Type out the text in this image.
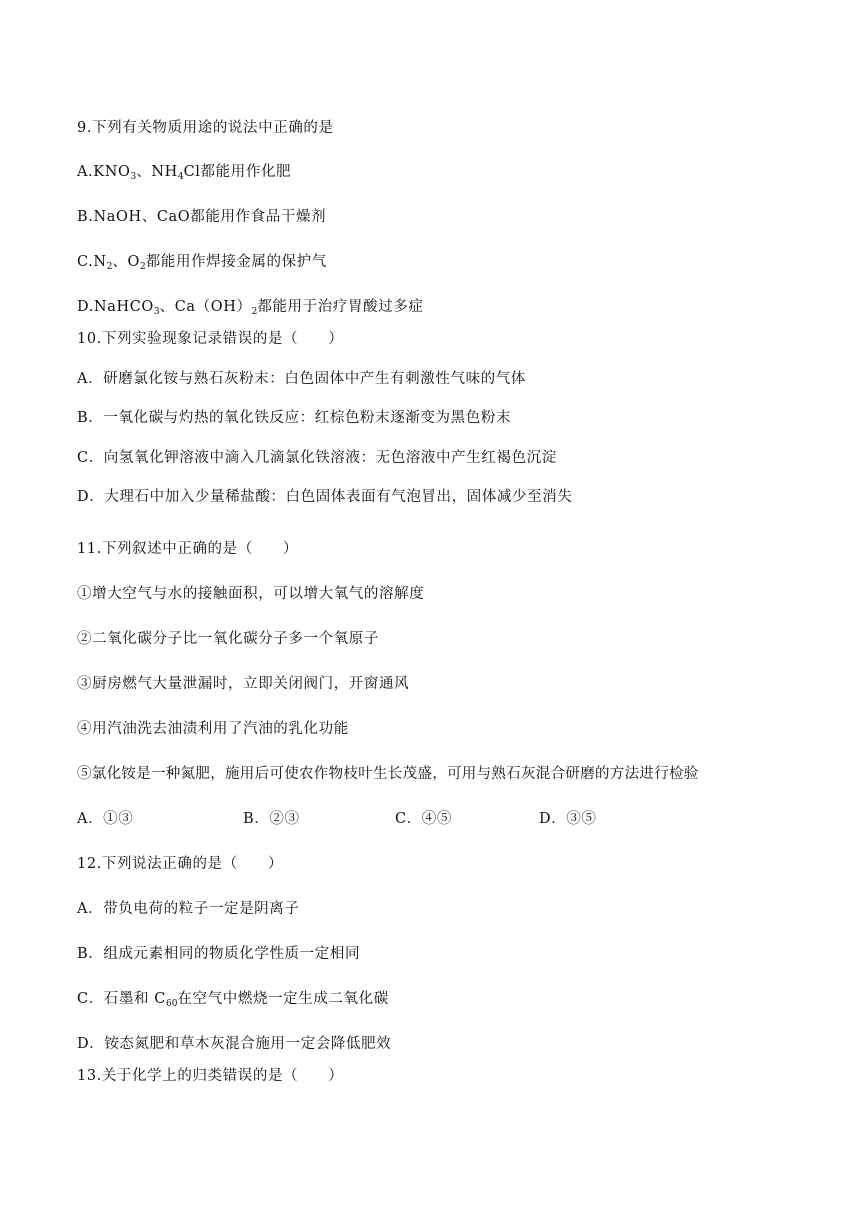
9.下列有关物质用途的说法中正确的是
$A.KNO_3$、$NH_4Cl$都能用作化肥
B.NaOH、CaO都能用作食品干燥剂
$C.N_2$、$O_2$都能用作焊接金属的保护气
D.NaHCO$_3$、$Ca(OH)_2$都能用于治疗胃酸过多症
10.下列实验现象记录错误的是（　　）
A．研磨氯化铵与熟石灰粉末：白色固体中产生有刺激性气味的气体
B．一氧化碳与灼热的氧化铁反应：红棕色粉末逐渐变为黑色粉末
C．向氢氧化钾溶液中滴入几滴氯化铁溶液：无色溶液中产生红褐色沉淀
D．大理石中加入少量稀盐酸：白色固体表面有气泡冒出，固体减少至消失
11.下列叙述中正确的是（　　）
①增大空气与水的接触面积，可以增大氧气的溶解度
②二氧化碳分子比一氧化碳分子多一个氧原子
③厨房燃气大量泄漏时，立即关闭阀门，开窗通风
④用汽油洗去油渍利用了汽油的乳化功能
⑤氯化铵是一种氮肥，施用后可使农作物枝叶生长茂盛，可用与熟石灰混合研磨的方法进行检验
A．①③	B．②③	C．④⑤	D．③⑤
12.下列说法正确的是（　　）
A．带负电荷的粒子一定是阴离子
B．组成元素相同的物质化学性质一定相同
C．石墨和 $C_{60}$在空气中燃烧一定生成二氧化碳
D．铵态氮肥和草木灰混合施用一定会降低肥效
13.关于化学上的归类错误的是（　　）
